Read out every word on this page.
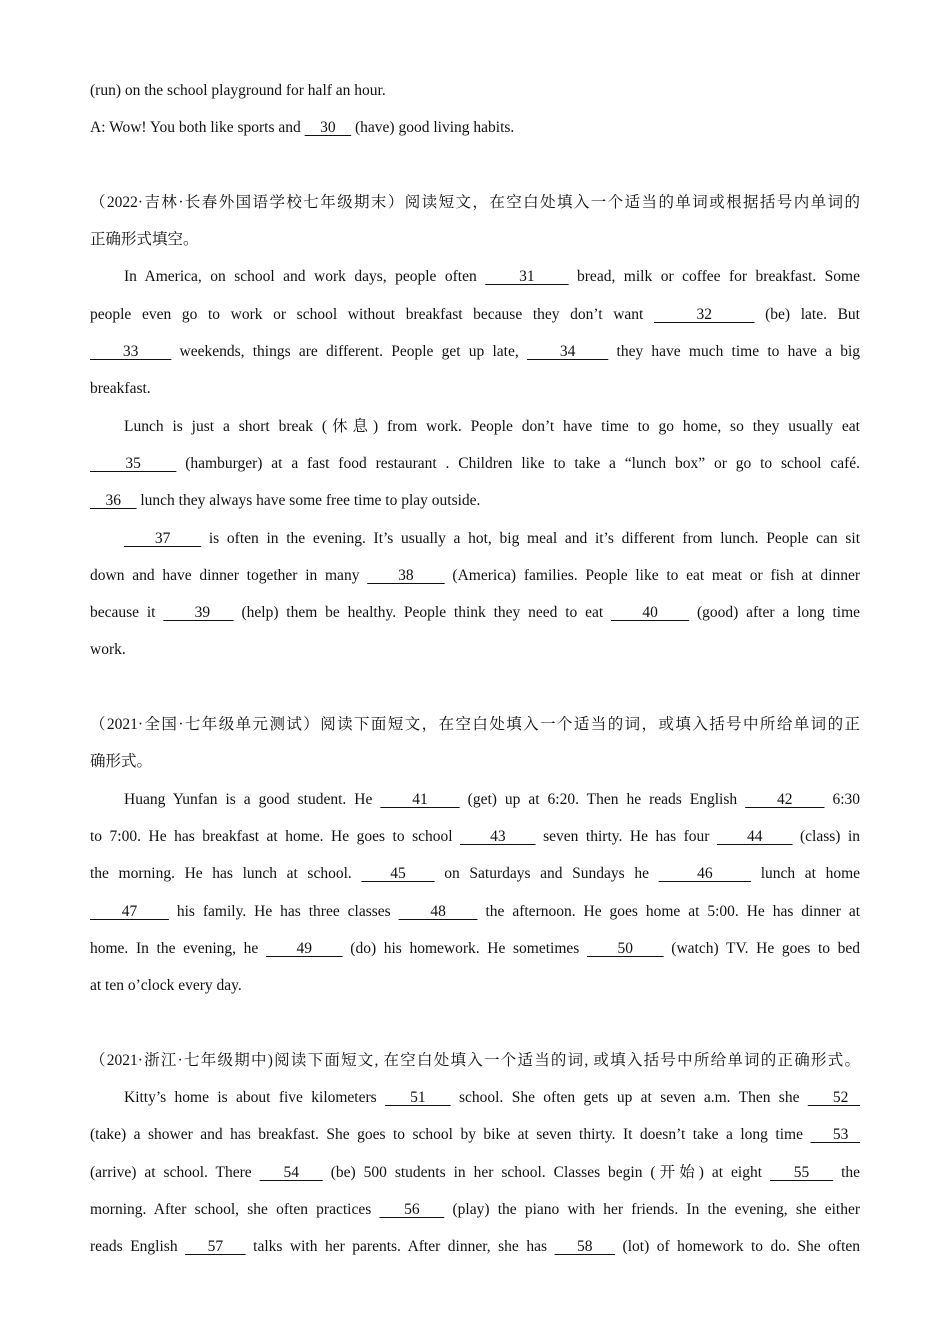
(run) on the school playground for half an hour.
A: Wow! You both like sports and     30     (have) good living habits.
（2022·吉林·长春外国语学校七年级期末）阅读短文，在空白处填入一个适当的单词或根据括号内单词的
正确形式填空。
In America, on school and work days, people often     31     bread, milk or coffee for breakfast. Some
people even go to work or school without breakfast because they don’t want     32     (be) late. But
33     weekends, things are different. People get up late,     34     they have much time to have a big
breakfast.
Lunch is just a short break (休息) from work. People don’t have time to go home, so they usually eat
35     (hamburger) at a fast food restaurant . Children like to take a “lunch box” or go to school café.
36     lunch they always have some free time to play outside.
37     is often in the evening. It’s usually a hot, big meal and it’s different from lunch. People can sit
down and have dinner together in many     38     (America) families. People like to eat meat or fish at dinner
because it     39    (help) them be healthy. People think they need to eat     40     (good) after a long time
work.
（2021·全国·七年级单元测试）阅读下面短文，在空白处填入一个适当的词，或填入括号中所给单词的正
确形式。
Huang Yunfan is a good student. He     41     (get) up at 6:20. Then he reads English     42     6:30
to 7:00. He has breakfast at home. He goes to school     43     seven thirty. He has four     44     (class) in
the morning. He has lunch at school.    45    on Saturdays and Sundays he     46     lunch at home
47     his family. He has three classes     48     the afternoon. He goes home at 5:00. He has dinner at
home. In the evening, he     49     (do) his homework. He sometimes     50     (watch) TV. He goes to bed
at ten o’clock every day.
（2021·浙江·七年级期中)阅读下面短文, 在空白处填入一个适当的词, 或填入括号中所给单词的正确形式。
Kitty’s home is about five kilometers    51    school. She often gets up at seven a.m. Then she    52
(take) a shower and has breakfast. She goes to school by bike at seven thirty. It doesn’t take a long time    53
(arrive) at school. There    54    (be) 500 students in her school. Classes begin (开始) at eight    55    the
morning. After school, she often practices    56    (play) the piano with her friends. In the evening, she either
reads English    57    talks with her parents. After dinner, she has    58    (lot) of homework to do. She often
